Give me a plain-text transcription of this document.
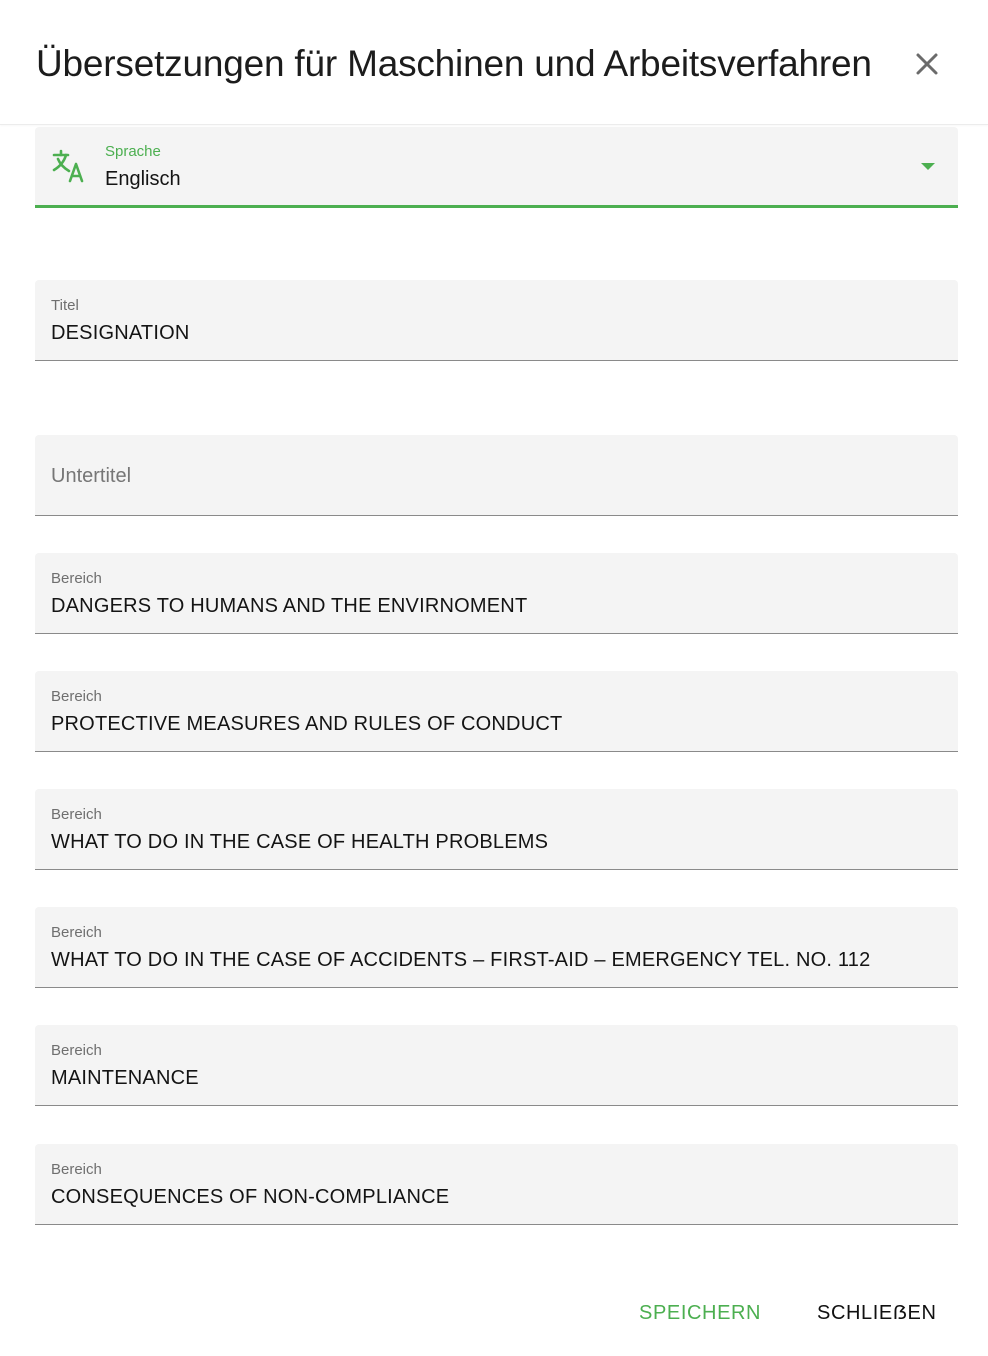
Übersetzungen für Maschinen und Arbeitsverfahren
Sprache
Englisch
Titel
DESIGNATION
Untertitel
Bereich
DANGERS TO HUMANS AND THE ENVIRNOMENT
Bereich
PROTECTIVE MEASURES AND RULES OF CONDUCT
Bereich
WHAT TO DO IN THE CASE OF HEALTH PROBLEMS
Bereich
WHAT TO DO IN THE CASE OF ACCIDENTS – FIRST-AID – EMERGENCY TEL. NO. 112
Bereich
MAINTENANCE
Bereich
CONSEQUENCES OF NON-COMPLIANCE
SPEICHERN	SCHLIEẞEN
